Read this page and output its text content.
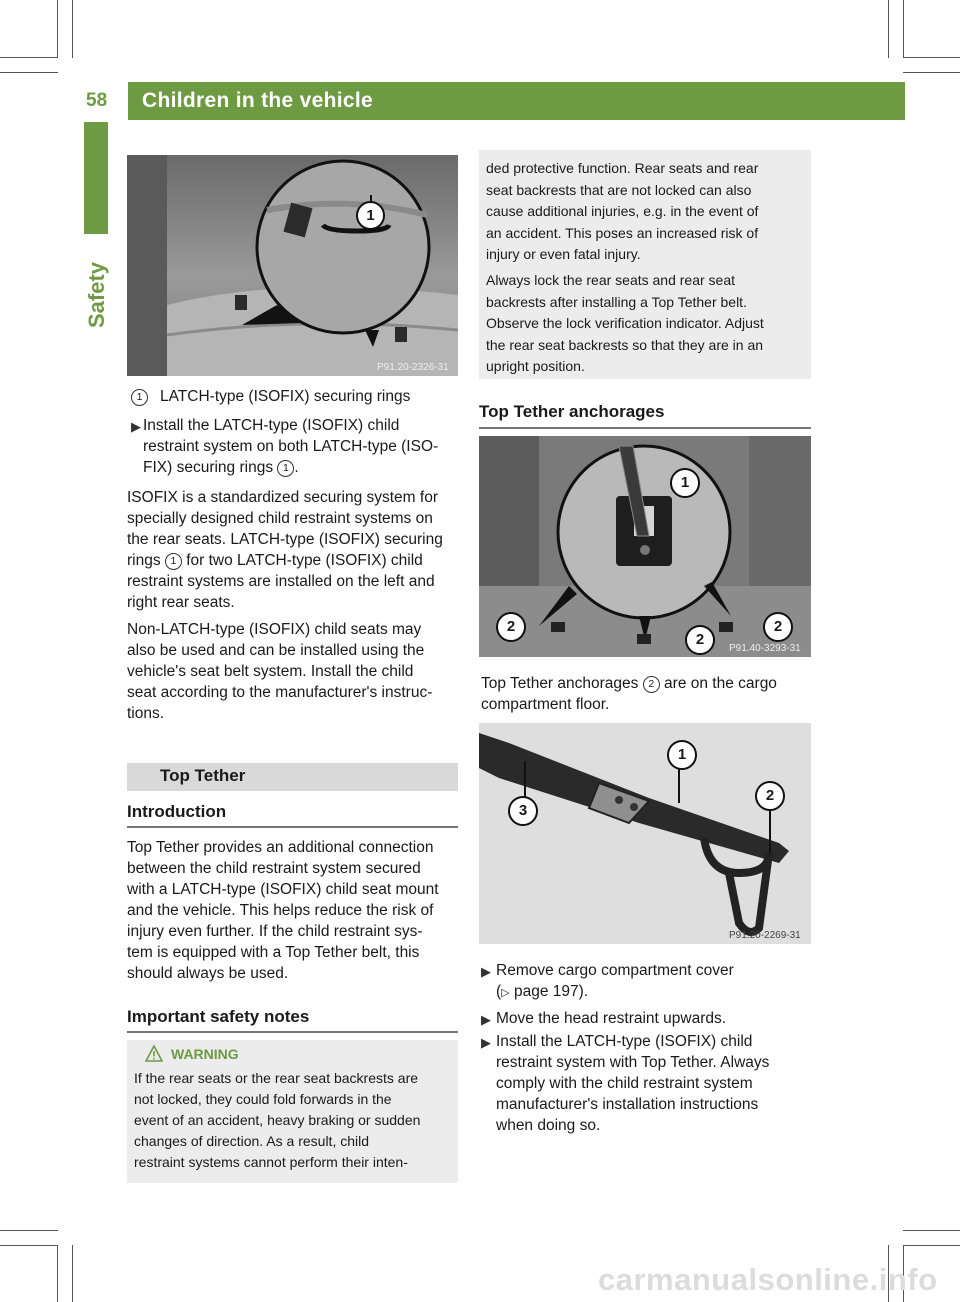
58 Children in the vehicle
Safety
1
P91.20-2326-31

1 LATCH-type (ISOFIX) securing rings

▶ Install the LATCH-type (ISOFIX) child

restraint system on both LATCH-type (ISO-

FIX) securing rings 1 .

ISOFIX is a standardized securing system for

specially designed child restraint systems on

the rear seats. LATCH-type (ISOFIX) securing

rings 1 for two LATCH-type (ISOFIX) child

restraint systems are installed on the left and

right rear seats.

Non-LATCH-type (ISOFIX) child seats may

also be used and can be installed using the

vehicle's seat belt system. Install the child

seat according to the manufacturer's instruc-

tions.

Top Tether
Introduction

Top Tether provides an additional connection

between the child restraint system secured

with a LATCH-type (ISOFIX) child seat mount

and the vehicle. This helps reduce the risk of

injury even further. If the child restraint sys-

tem is equipped with a Top Tether belt, this

should always be used.

Important safety notes
WARNING

If the rear seats or the rear seat backrests are

not locked, they could fold forwards in the

event of an accident, heavy braking or sudden

changes of direction. As a result, child

restraint systems cannot perform their inten-

ded protective function. Rear seats and rear

seat backrests that are not locked can also

cause additional injuries, e.g. in the event of

an accident. This poses an increased risk of

injury or even fatal injury.

Always lock the rear seats and rear seat

backrests after installing a Top Tether belt.

Observe the lock verification indicator. Adjust

the rear seat backrests so that they are in an

upright position.

Top Tether anchorages
1
2
2
2
P91.40-3293-31

Top Tether anchorages 2 are on the cargo

compartment floor.

1
2
3
P91.20-2269-31
▶ Remove cargo compartment cover

(▷ page 197).

▶ Move the head restraint upwards.

▶ Install the LATCH-type (ISOFIX) child

restraint system with Top Tether. Always

comply with the child restraint system

manufacturer's installation instructions

when doing so.

carmanualsonline.info
